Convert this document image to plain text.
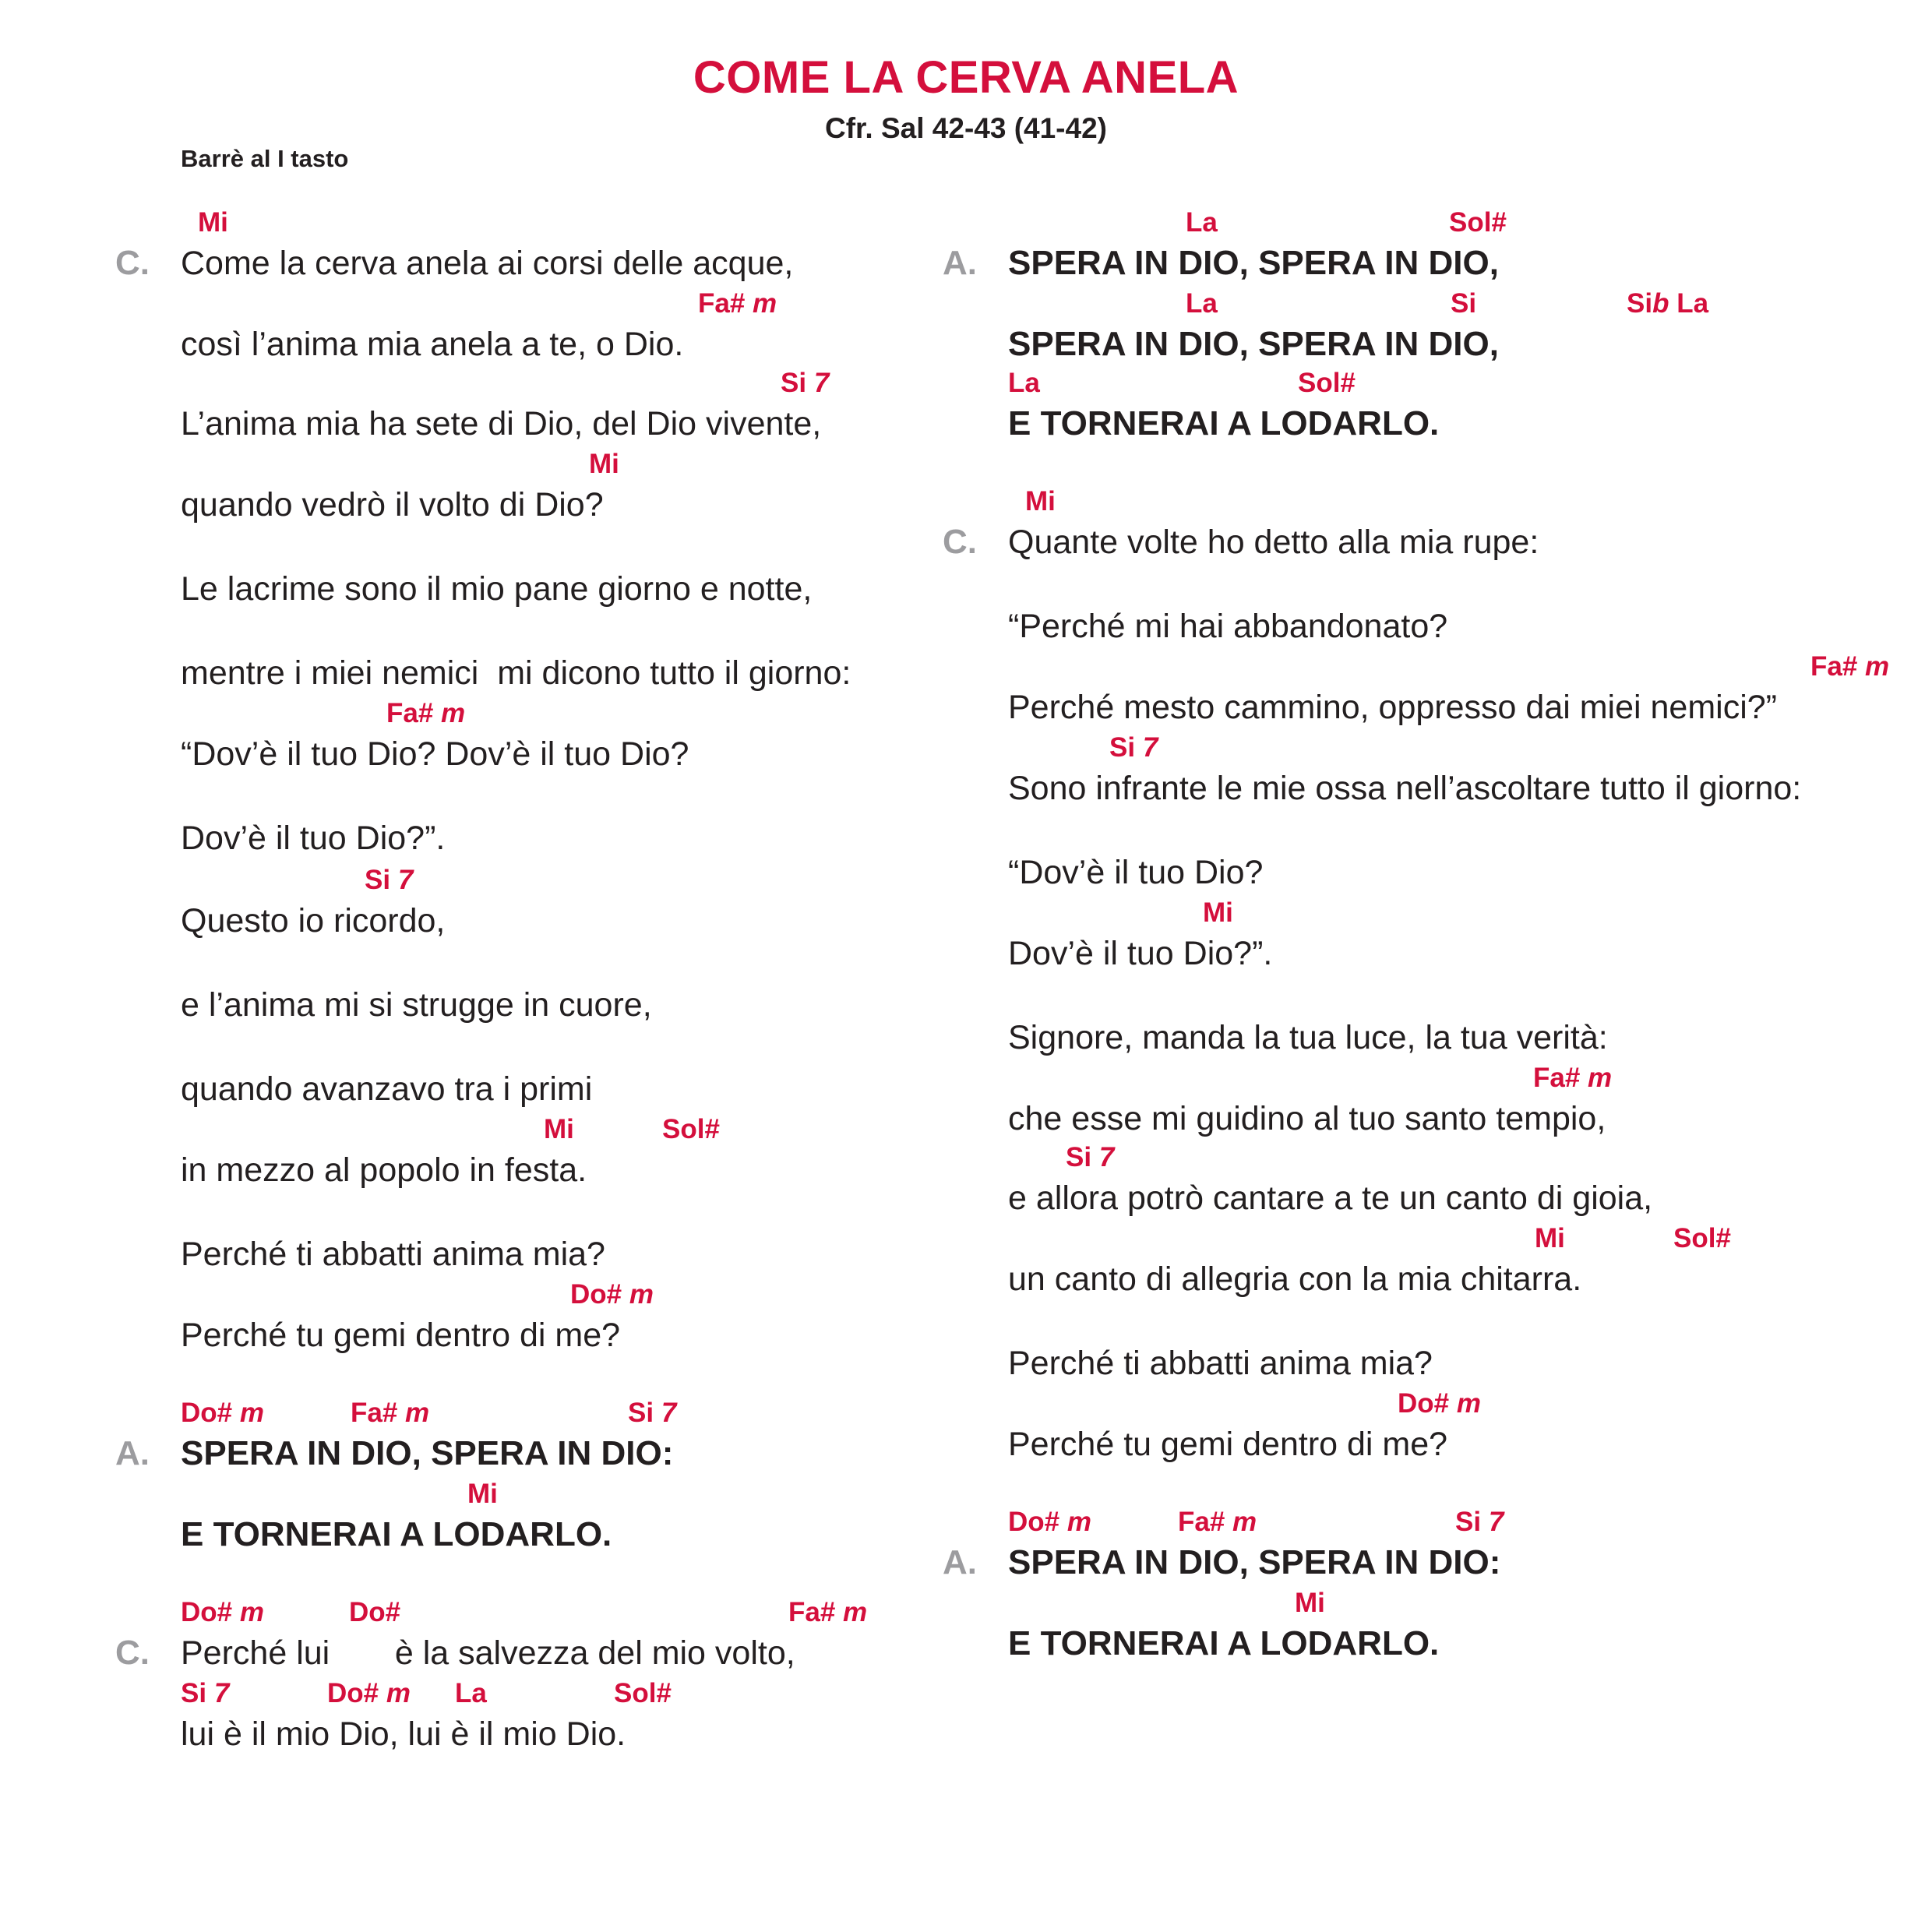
COME LA CERVA ANELA
Cfr. Sal 42-43 (41-42)
Barrè al I tasto
C.
Mi
Come la cerva anela ai corsi delle acque,
Fa# m
così l’anima mia anela a te, o Dio.
Si 7
L’anima mia ha sete di Dio, del Dio vivente,
Mi
quando vedrò il volto di Dio?
Le lacrime sono il mio pane giorno e notte,
mentre i miei nemici  mi dicono tutto il giorno:
Fa# m
“Dov’è il tuo Dio? Dov’è il tuo Dio?
Dov’è il tuo Dio?”.
Si 7
Questo io ricordo,
e l’anima mi si strugge in cuore,
quando avanzavo tra i primi
Mi	Sol#
in mezzo al popolo in festa.
Perché ti abbatti anima mia?
Do# m
Perché tu gemi dentro di me?
A.
Do# m	Fa# m	Si 7
SPERA IN DIO, SPERA IN DIO:
Mi
E TORNERAI A LODARLO.
C.
Do# m	Do#	Fa# m
Perché lui       è la salvezza del mio volto,
Si 7	Do# m La	Sol#
lui è il mio Dio, lui è il mio Dio.
A.
La	Sol#
SPERA IN DIO, SPERA IN DIO,
La	Si	Sib La
SPERA IN DIO, SPERA IN DIO,
La	Sol#
E TORNERAI A LODARLO.
C.
Mi
Quante volte ho detto alla mia rupe:
“Perché mi hai abbandonato?
Fa# m
Perché mesto cammino, oppresso dai miei nemici?”
Si 7
Sono infrante le mie ossa nell’ascoltare tutto il giorno:
“Dov’è il tuo Dio?
Mi
Dov’è il tuo Dio?”.
Signore, manda la tua luce, la tua verità:
Fa# m
che esse mi guidino al tuo santo tempio,
Si 7
e allora potrò cantare a te un canto di gioia,
Mi	Sol#
un canto di allegria con la mia chitarra.
Perché ti abbatti anima mia?
Do# m
Perché tu gemi dentro di me?
A.
Do# m	Fa# m	Si 7
SPERA IN DIO, SPERA IN DIO:
Mi
E TORNERAI A LODARLO.
